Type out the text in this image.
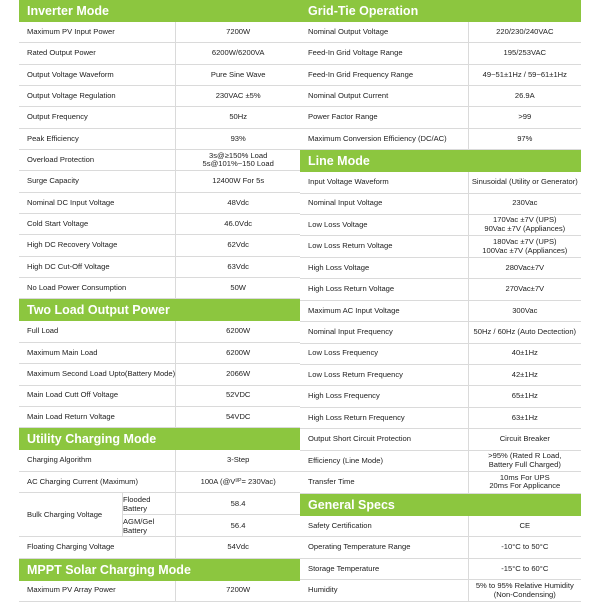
Inverter Mode
Maximum PV Input Power	7200W
Rated Output Power	6200W/6200VA
Output Voltage Waveform	Pure Sine Wave
Output Voltage Regulation	230VAC ±5%
Output Frequency	50Hz
Peak Efficiency	93%
Overload Protection	3s@≥150% Load
5s@101%~150 Load
Surge Capacity	12400W For 5s
Nominal DC Input Voltage	48Vdc
Cold Start Voltage	46.0Vdc
High DC Recovery Voltage	62Vdc
High DC Cut-Off Voltage	63Vdc
No Load Power Consumption	50W
Two Load Output Power
Full Load	6200W
Maximum Main Load	6200W
Maximum Second Load Upto(Battery Mode)	2066W
Main Load Cutt Off Voltage	52VDC
Main Load Return Voltage	54VDC
Utility Charging Mode
Charging Algorithm	3-Step
AC Charging Current (Maximum)	100A (@V I/P = 230Vac)
Bulk Charging Voltage
Flooded Battery	58.4
AGM/Gel Battery	56.4
Floating Charging Voltage	54Vdc
MPPT Solar Charging Mode
Maximum PV Array Power	7200W
Grid-Tie Operation
Nominal Output Voltage	220/230/240VAC
Feed-In Grid Voltage Range	195/253VAC
Feed-In Grid Frequency Range	49~51±1Hz / 59~61±1Hz
Nominal Output Current	26.9A
Power Factor Range	>99
Maximum Conversion Efficiency (DC/AC)	97%
Line Mode
Input Voltage Waveform	Sinusoidal (Utility or Generator)
Nominal Input Voltage	230Vac
Low Loss Voltage	170Vac ±7V (UPS)
90Vac ±7V (Appliances)
Low Loss Return Voltage	180Vac ±7V (UPS)
100Vac ±7V (Appliances)
High Loss Voltage	280Vac±7V
High Loss Return Voltage	270Vac±7V
Maximum AC Input Voltage	300Vac
Nominal Input Frequency	50Hz / 60Hz (Auto Dectection)
Low Loss Frequency	40±1Hz
Low Loss Return Frequency	42±1Hz
High Loss Frequency	65±1Hz
High Loss Return Frequency	63±1Hz
Output Short Circuit Protection	Circuit Breaker
Efficiency (Line Mode)	>95% (Rated R Load,
Battery Full Charged)
Transfer Time	10ms For UPS
20ms For Applicance
General Specs
Safety Certification	CE
Operating Temperature Range	-10°C to 50°C
Storage Temperature	-15°C to 60°C
Humidity	5% to 95% Relative Humidity
(Non-Condensing)
